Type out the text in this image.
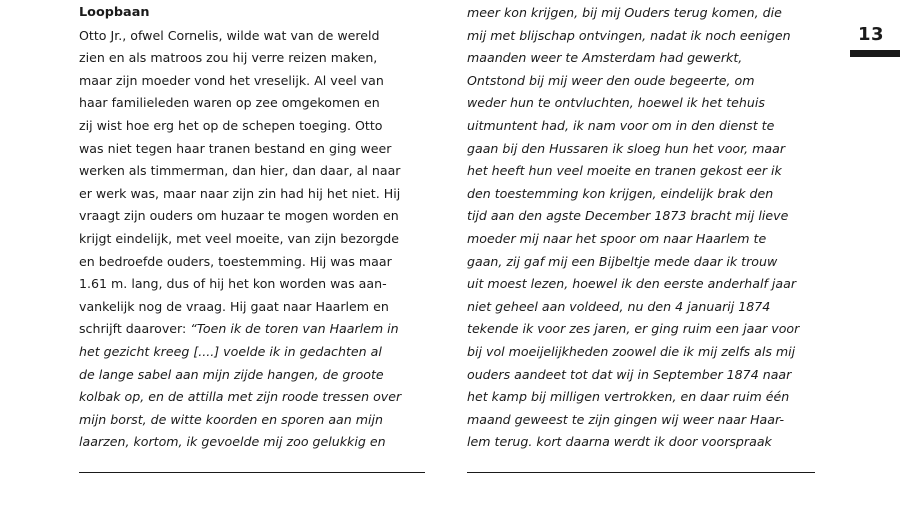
Loopbaan
Otto Jr., ofwel Cornelis, wilde wat van de wereld
zien en als matroos zou hij verre reizen maken,
maar zijn moeder vond het vreselijk. Al veel van
haar familieleden waren op zee omgekomen en
zij wist hoe erg het op de schepen toeging. Otto
was niet tegen haar tranen bestand en ging weer
werken als timmerman, dan hier, dan daar, al naar
er werk was, maar naar zijn zin had hij het niet. Hij
vraagt zijn ouders om huzaar te mogen worden en
krijgt eindelijk, met veel moeite, van zijn bezorgde
en bedroefde ouders, toestemming. Hij was maar
1.61 m. lang, dus of hij het kon worden was aan-
vankelijk nog de vraag. Hij gaat naar Haarlem en
schrijft daarover: “Toen ik de toren van Haarlem in
het gezicht kreeg [....] voelde ik in gedachten al
de lange sabel aan mijn zijde hangen, de groote
kolbak op, en de attilla met zijn roode tressen over
mijn borst, de witte koorden en sporen aan mijn
laarzen, kortom, ik gevoelde mij zoo gelukkig en
meer kon krijgen, bij mij Ouders terug komen, die
mij met blijschap ontvingen, nadat ik noch eenigen
maanden weer te Amsterdam had gewerkt,
Ontstond bij mij weer den oude begeerte, om
weder hun te ontvluchten, hoewel ik het tehuis
uitmuntent had, ik nam voor om in den dienst te
gaan bij den Hussaren ik sloeg hun het voor, maar
het heeft hun veel moeite en tranen gekost eer ik
den toestemming kon krijgen, eindelijk brak den
tijd aan den agste December 1873 bracht mij lieve
moeder mij naar het spoor om naar Haarlem te
gaan, zij gaf mij een Bijbeltje mede daar ik trouw
uit moest lezen, hoewel ik den eerste anderhalf jaar
niet geheel aan voldeed, nu den 4 januarij 1874
tekende ik voor zes jaren, er ging ruim een jaar voor
bij vol moeijelijkheden zoowel die ik mij zelfs als mij
ouders aandeet tot dat wij in September 1874 naar
het kamp bij milligen vertrokken, en daar ruim één
maand geweest te zijn gingen wij weer naar Haar-
lem terug. kort daarna werdt ik door voorspraak
13
